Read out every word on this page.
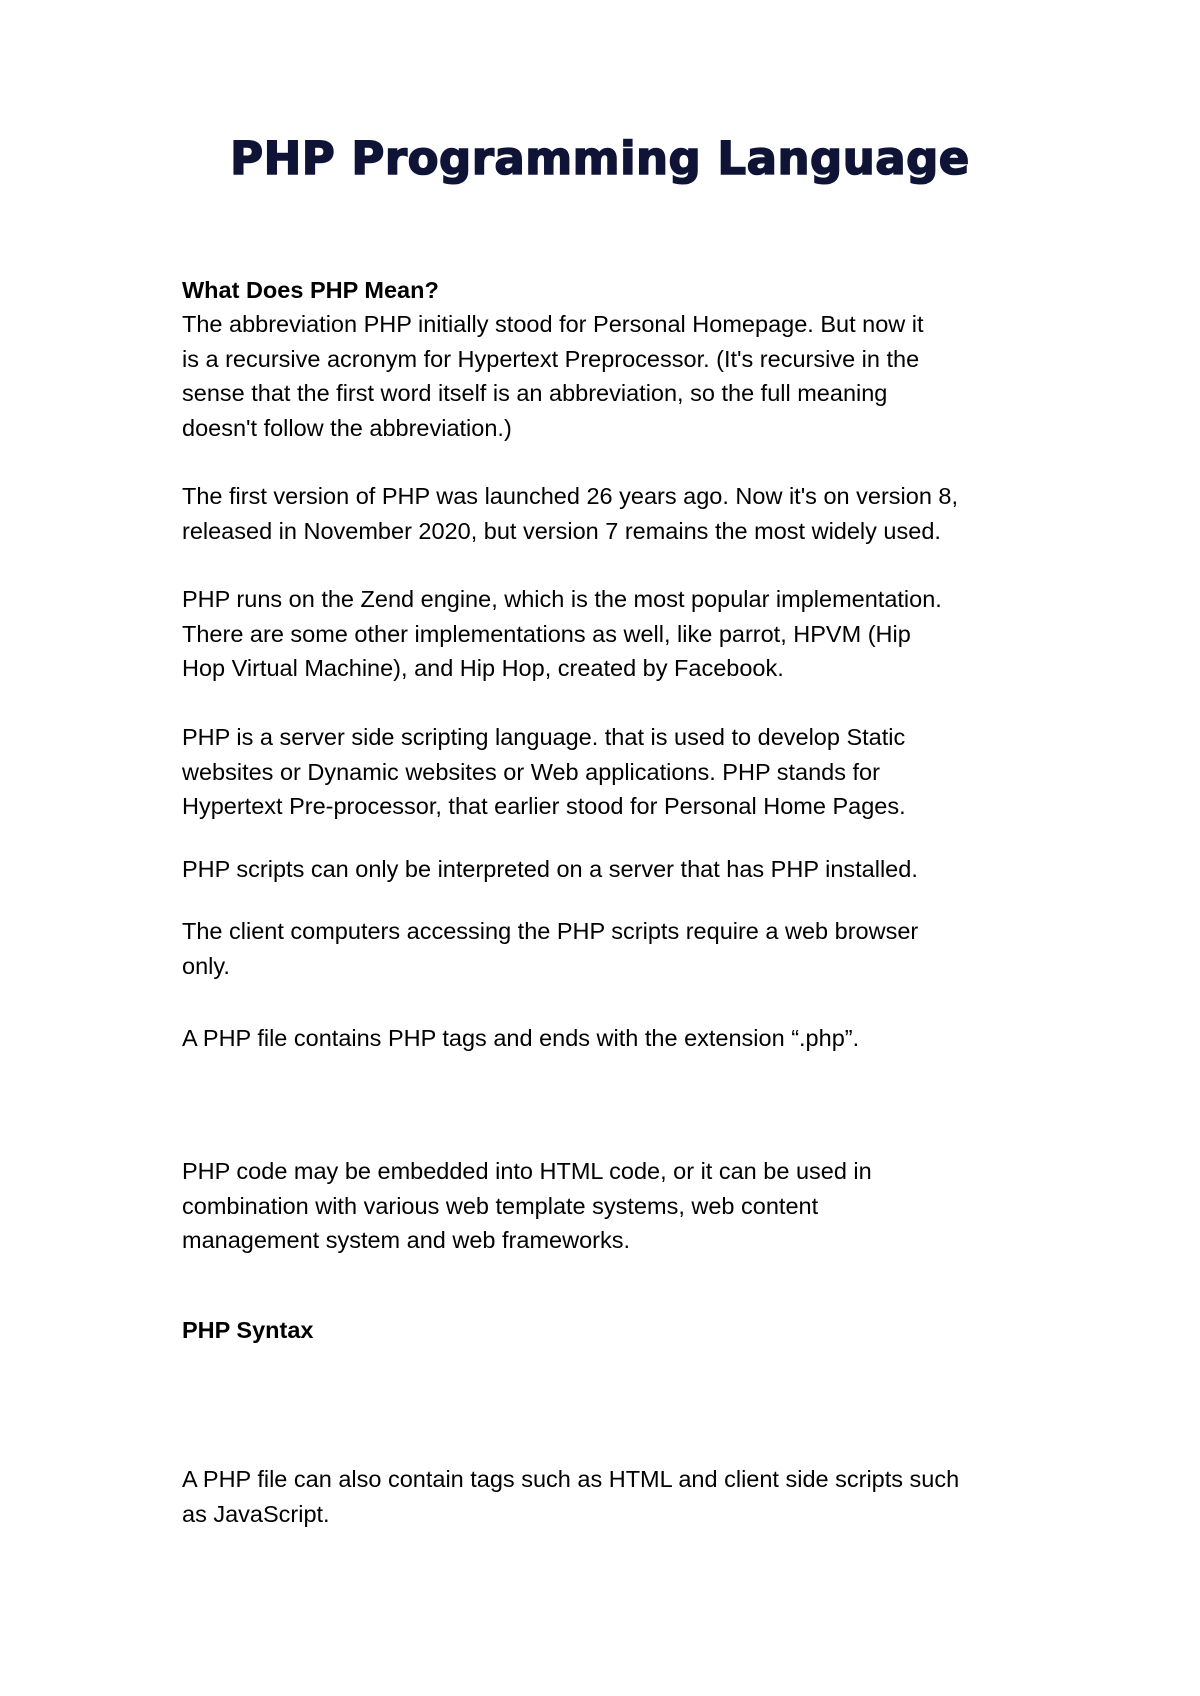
PHP Programming Language
What Does PHP Mean?
The abbreviation PHP initially stood for Personal Homepage. But now it
is a recursive acronym for Hypertext Preprocessor. (It's recursive in the
sense that the first word itself is an abbreviation, so the full meaning
doesn't follow the abbreviation.)
The first version of PHP was launched 26 years ago. Now it's on version 8,
released in November 2020, but version 7 remains the most widely used.
PHP runs on the Zend engine, which is the most popular implementation.
There are some other implementations as well, like parrot, HPVM (Hip
Hop Virtual Machine), and Hip Hop, created by Facebook.
PHP is a server side scripting language. that is used to develop Static
websites or Dynamic websites or Web applications. PHP stands for
Hypertext Pre-processor, that earlier stood for Personal Home Pages.
PHP scripts can only be interpreted on a server that has PHP installed.
The client computers accessing the PHP scripts require a web browser
only.
A PHP file contains PHP tags and ends with the extension “.php”.
PHP code may be embedded into HTML code, or it can be used in
combination with various web template systems, web content
management system and web frameworks.
PHP Syntax
A PHP file can also contain tags such as HTML and client side scripts such
as JavaScript.
